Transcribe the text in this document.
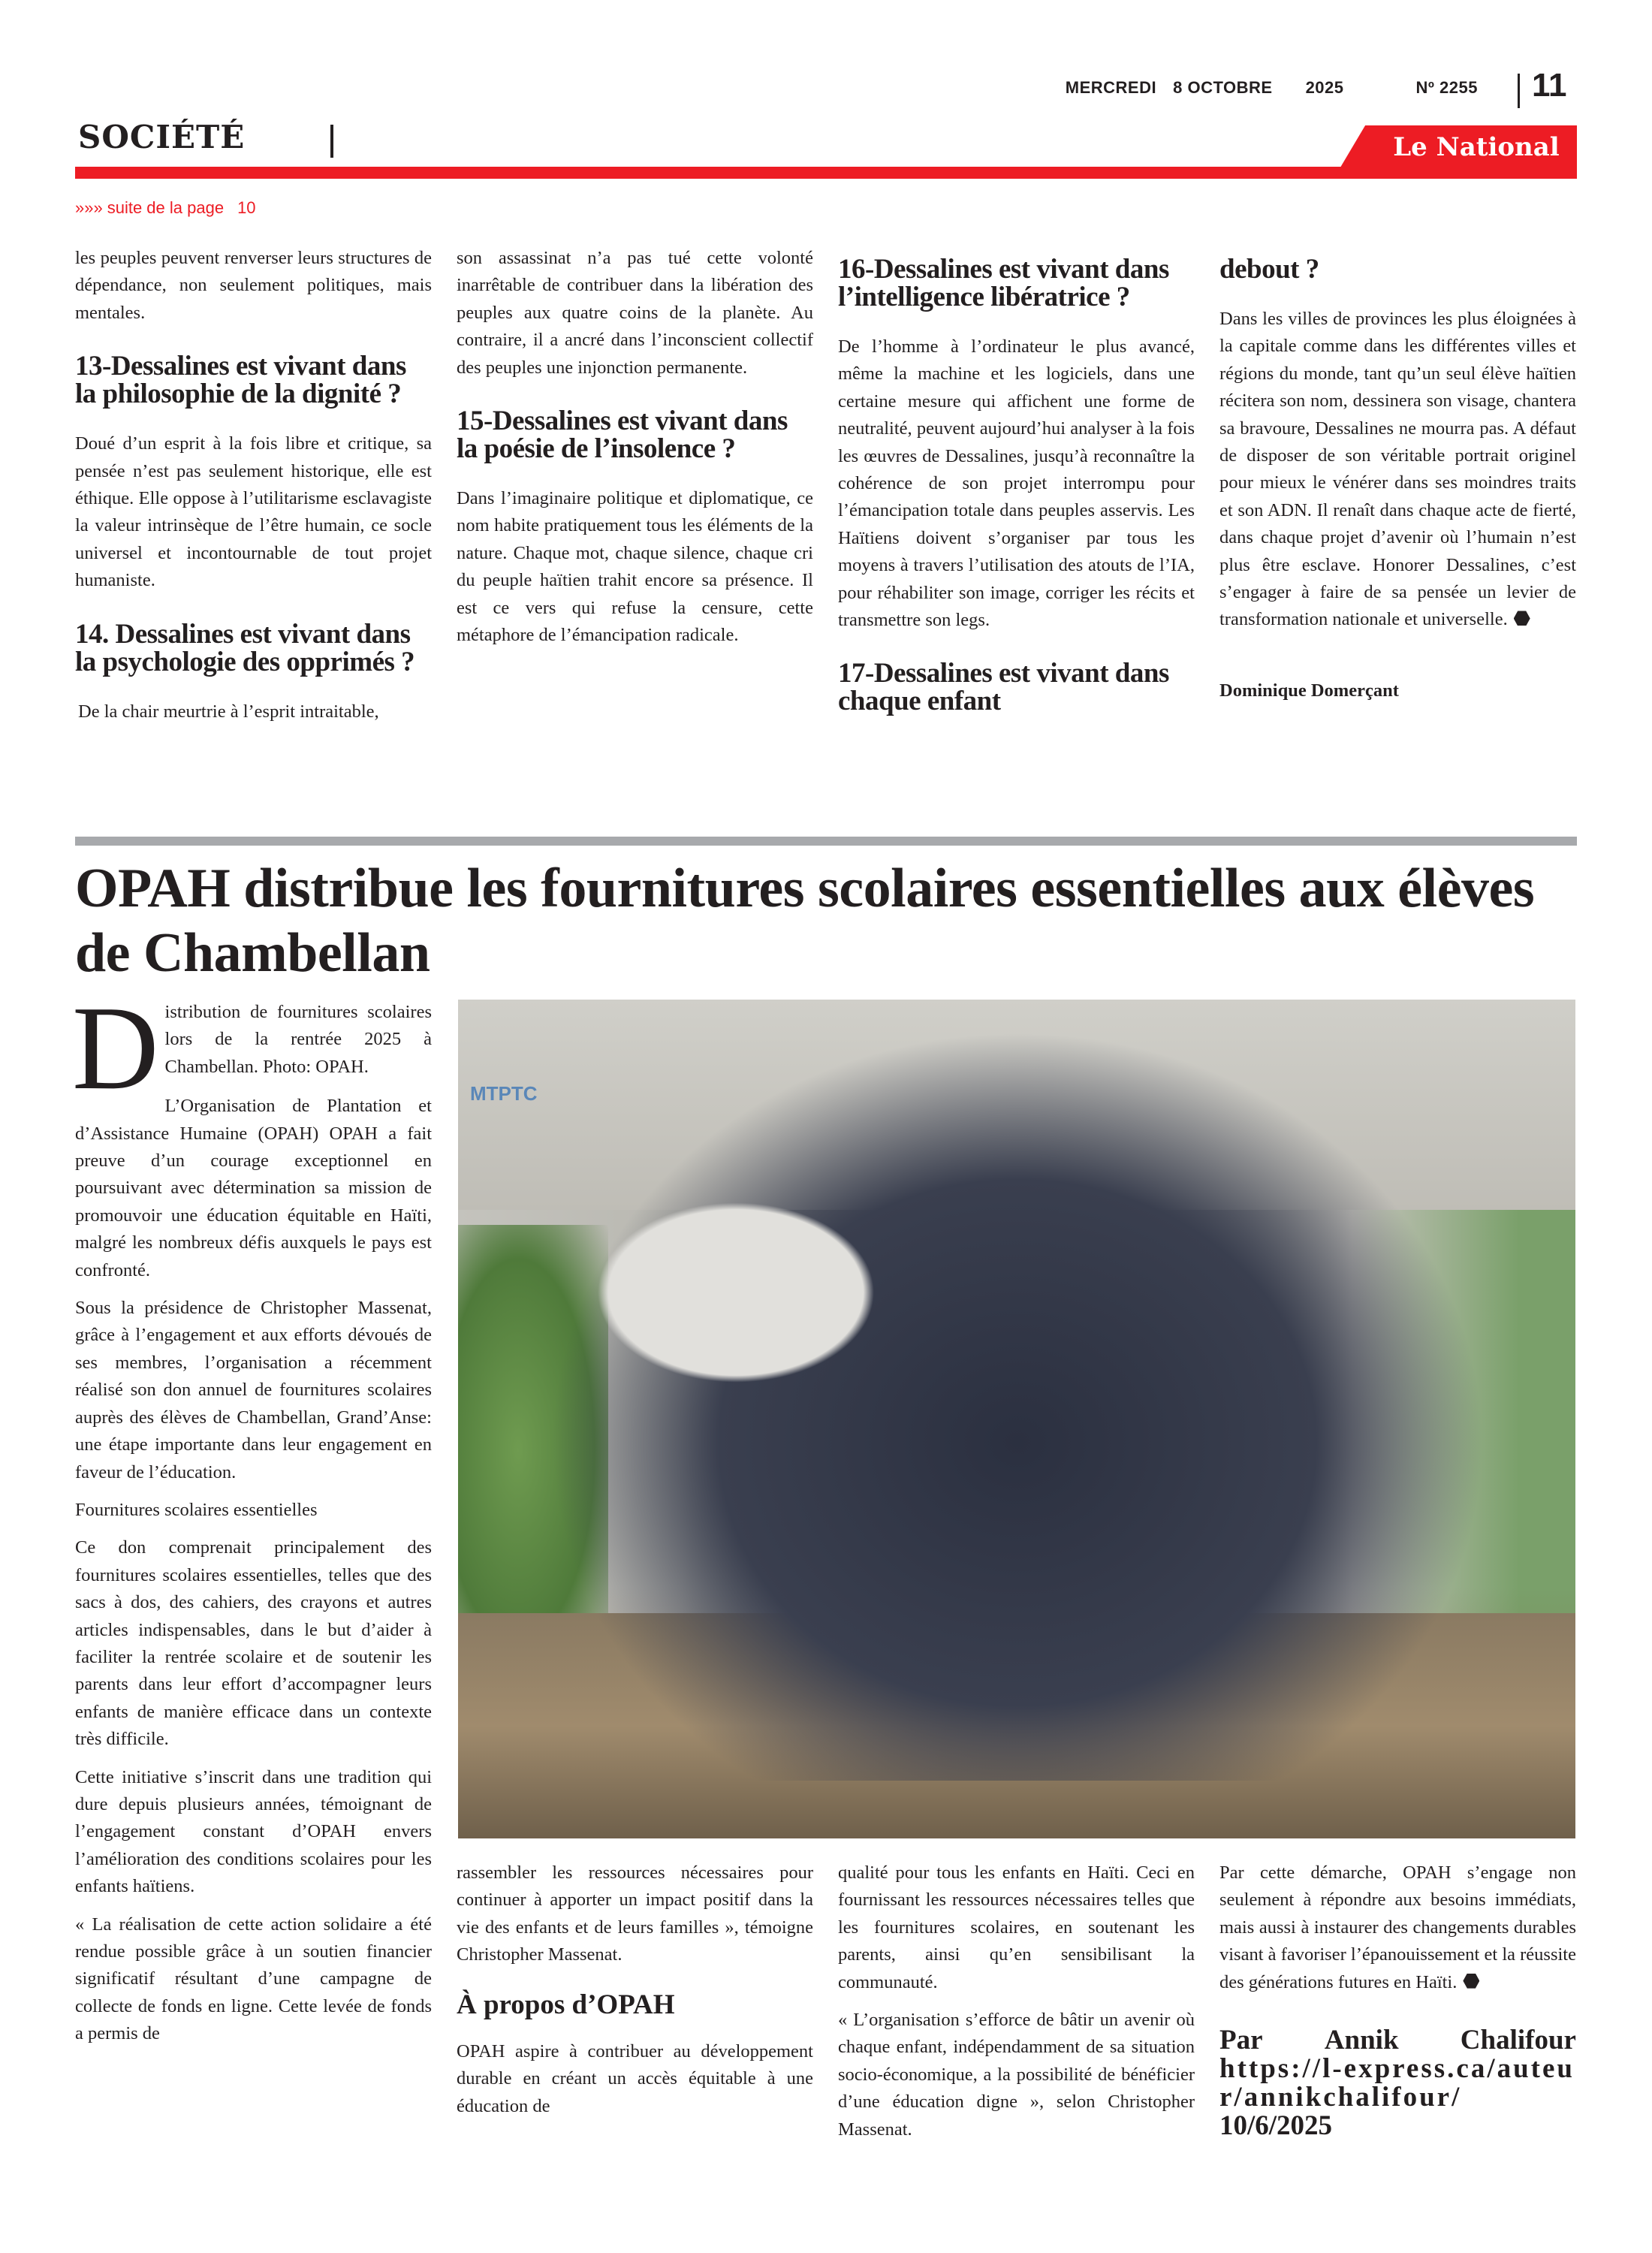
MERCREDI 8 OCTOBRE 2025	Nº 2255 11
SOCIÉTÉ	Le National
»»» suite de la page 10

les peuples peuvent renverser leurs structures de dépendance, non seulement politiques, mais mentales.

13-Dessalines est vivant dans la philosophie de la dignité ?

Doué d’un esprit à la fois libre et critique, sa pensée n’est pas seulement historique, elle est éthique. Elle oppose à l’utilitarisme esclavagiste la valeur intrinsèque de l’être humain, ce socle universel et incontournable de tout projet humaniste.

14. Dessalines est vivant dans la psychologie des opprimés ?

De la chair meurtrie à l’esprit intraitable,

son assassinat n’a pas tué cette volonté inarrêtable de contribuer dans la libération des peuples aux quatre coins de la planète. Au contraire, il a ancré dans l’inconscient collectif des peuples une injonction permanente.

15-Dessalines est vivant dans la poésie de l’insolence ?

Dans l’imaginaire politique et diplomatique, ce nom habite pratiquement tous les éléments de la nature. Chaque mot, chaque silence, chaque cri du peuple haïtien trahit encore sa présence. Il est ce vers qui refuse la censure, cette métaphore de l’émancipation radicale.

16-Dessalines est vivant dans l’intelligence libératrice ?

De l’homme à l’ordinateur le plus avancé, même la machine et les logiciels, dans une certaine mesure qui affichent une forme de neutralité, peuvent aujourd’hui analyser à la fois les œuvres de Dessalines, jusqu’à reconnaître la cohérence de son projet interrompu pour l’émancipation totale dans peuples asservis. Les Haïtiens doivent s’organiser par tous les moyens à travers l’utilisation des atouts de l’IA, pour réhabiliter son image, corriger les récits et transmettre son legs.

17-Dessalines est vivant dans chaque enfant
debout ?

Dans les villes de provinces les plus éloignées à la capitale comme dans les différentes villes et régions du monde, tant qu’un seul élève haïtien récitera son nom, dessinera son visage, chantera sa bravoure, Dessalines ne mourra pas. A défaut de disposer de son véritable portrait originel pour mieux le vénérer dans ses moindres traits et son ADN. Il renaît dans chaque acte de fierté, dans chaque projet d’avenir où l’humain n’est plus être esclave. Honorer Dessalines, c’est s’engager à faire de sa pensée un levier de transformation nationale et universelle.

Dominique Domerçant
OPAH distribue les fournitures scolaires essentielles aux élèves de Chambellan
D istribution de fournitures scolaires lors de la rentrée 2025 à Chambellan. Photo: OPAH.

L’Organisation de Plantation et d’Assistance Humaine (OPAH) OPAH a fait preuve d’un courage exceptionnel en poursuivant avec détermination sa mission de promouvoir une éducation équitable en Haïti, malgré les nombreux défis auxquels le pays est confronté.

Sous la présidence de Christopher Massenat, grâce à l’engagement et aux efforts dévoués de ses membres, l’organisation a récemment réalisé son don annuel de fournitures scolaires auprès des élèves de Chambellan, Grand’Anse: une étape importante dans leur engagement en faveur de l’éducation.

Fournitures scolaires essentielles

Ce don comprenait principalement des fournitures scolaires essentielles, telles que des sacs à dos, des cahiers, des crayons et autres articles indispensables, dans le but d’aider à faciliter la rentrée scolaire et de soutenir les parents dans leur effort d’accompagner leurs enfants de manière efficace dans un contexte très difficile.

Cette initiative s’inscrit dans une tradition qui dure depuis plusieurs années, témoignant de l’engagement constant d’OPAH envers l’amélioration des conditions scolaires pour les enfants haïtiens.

« La réalisation de cette action solidaire a été rendue possible grâce à un soutien financier significatif résultant d’une campagne de collecte de fonds en ligne. Cette levée de fonds a permis de

MTPTC

rassembler les ressources nécessaires pour continuer à apporter un impact positif dans la vie des enfants et de leurs familles », témoigne Christopher Massenat.

À propos d’OPAH

OPAH aspire à contribuer au développement durable en créant un accès équitable à une éducation de

qualité pour tous les enfants en Haïti. Ceci en fournissant les ressources nécessaires telles que les fournitures scolaires, en soutenant les parents, ainsi qu’en sensibilisant la communauté.

« L’organisation s’efforce de bâtir un avenir où chaque enfant, indépendamment de sa situation socio-économique, a la possibilité de bénéficier d’une éducation digne », selon Christopher Massenat.

Par cette démarche, OPAH s’engage non seulement à répondre aux besoins immédiats, mais aussi à instaurer des changements durables visant à favoriser l’épanouissement et la réussite des générations futures en Haïti.

Par Annik Chalifour
https://l-express.ca/auteur/annikchalifour/
10/6/2025
